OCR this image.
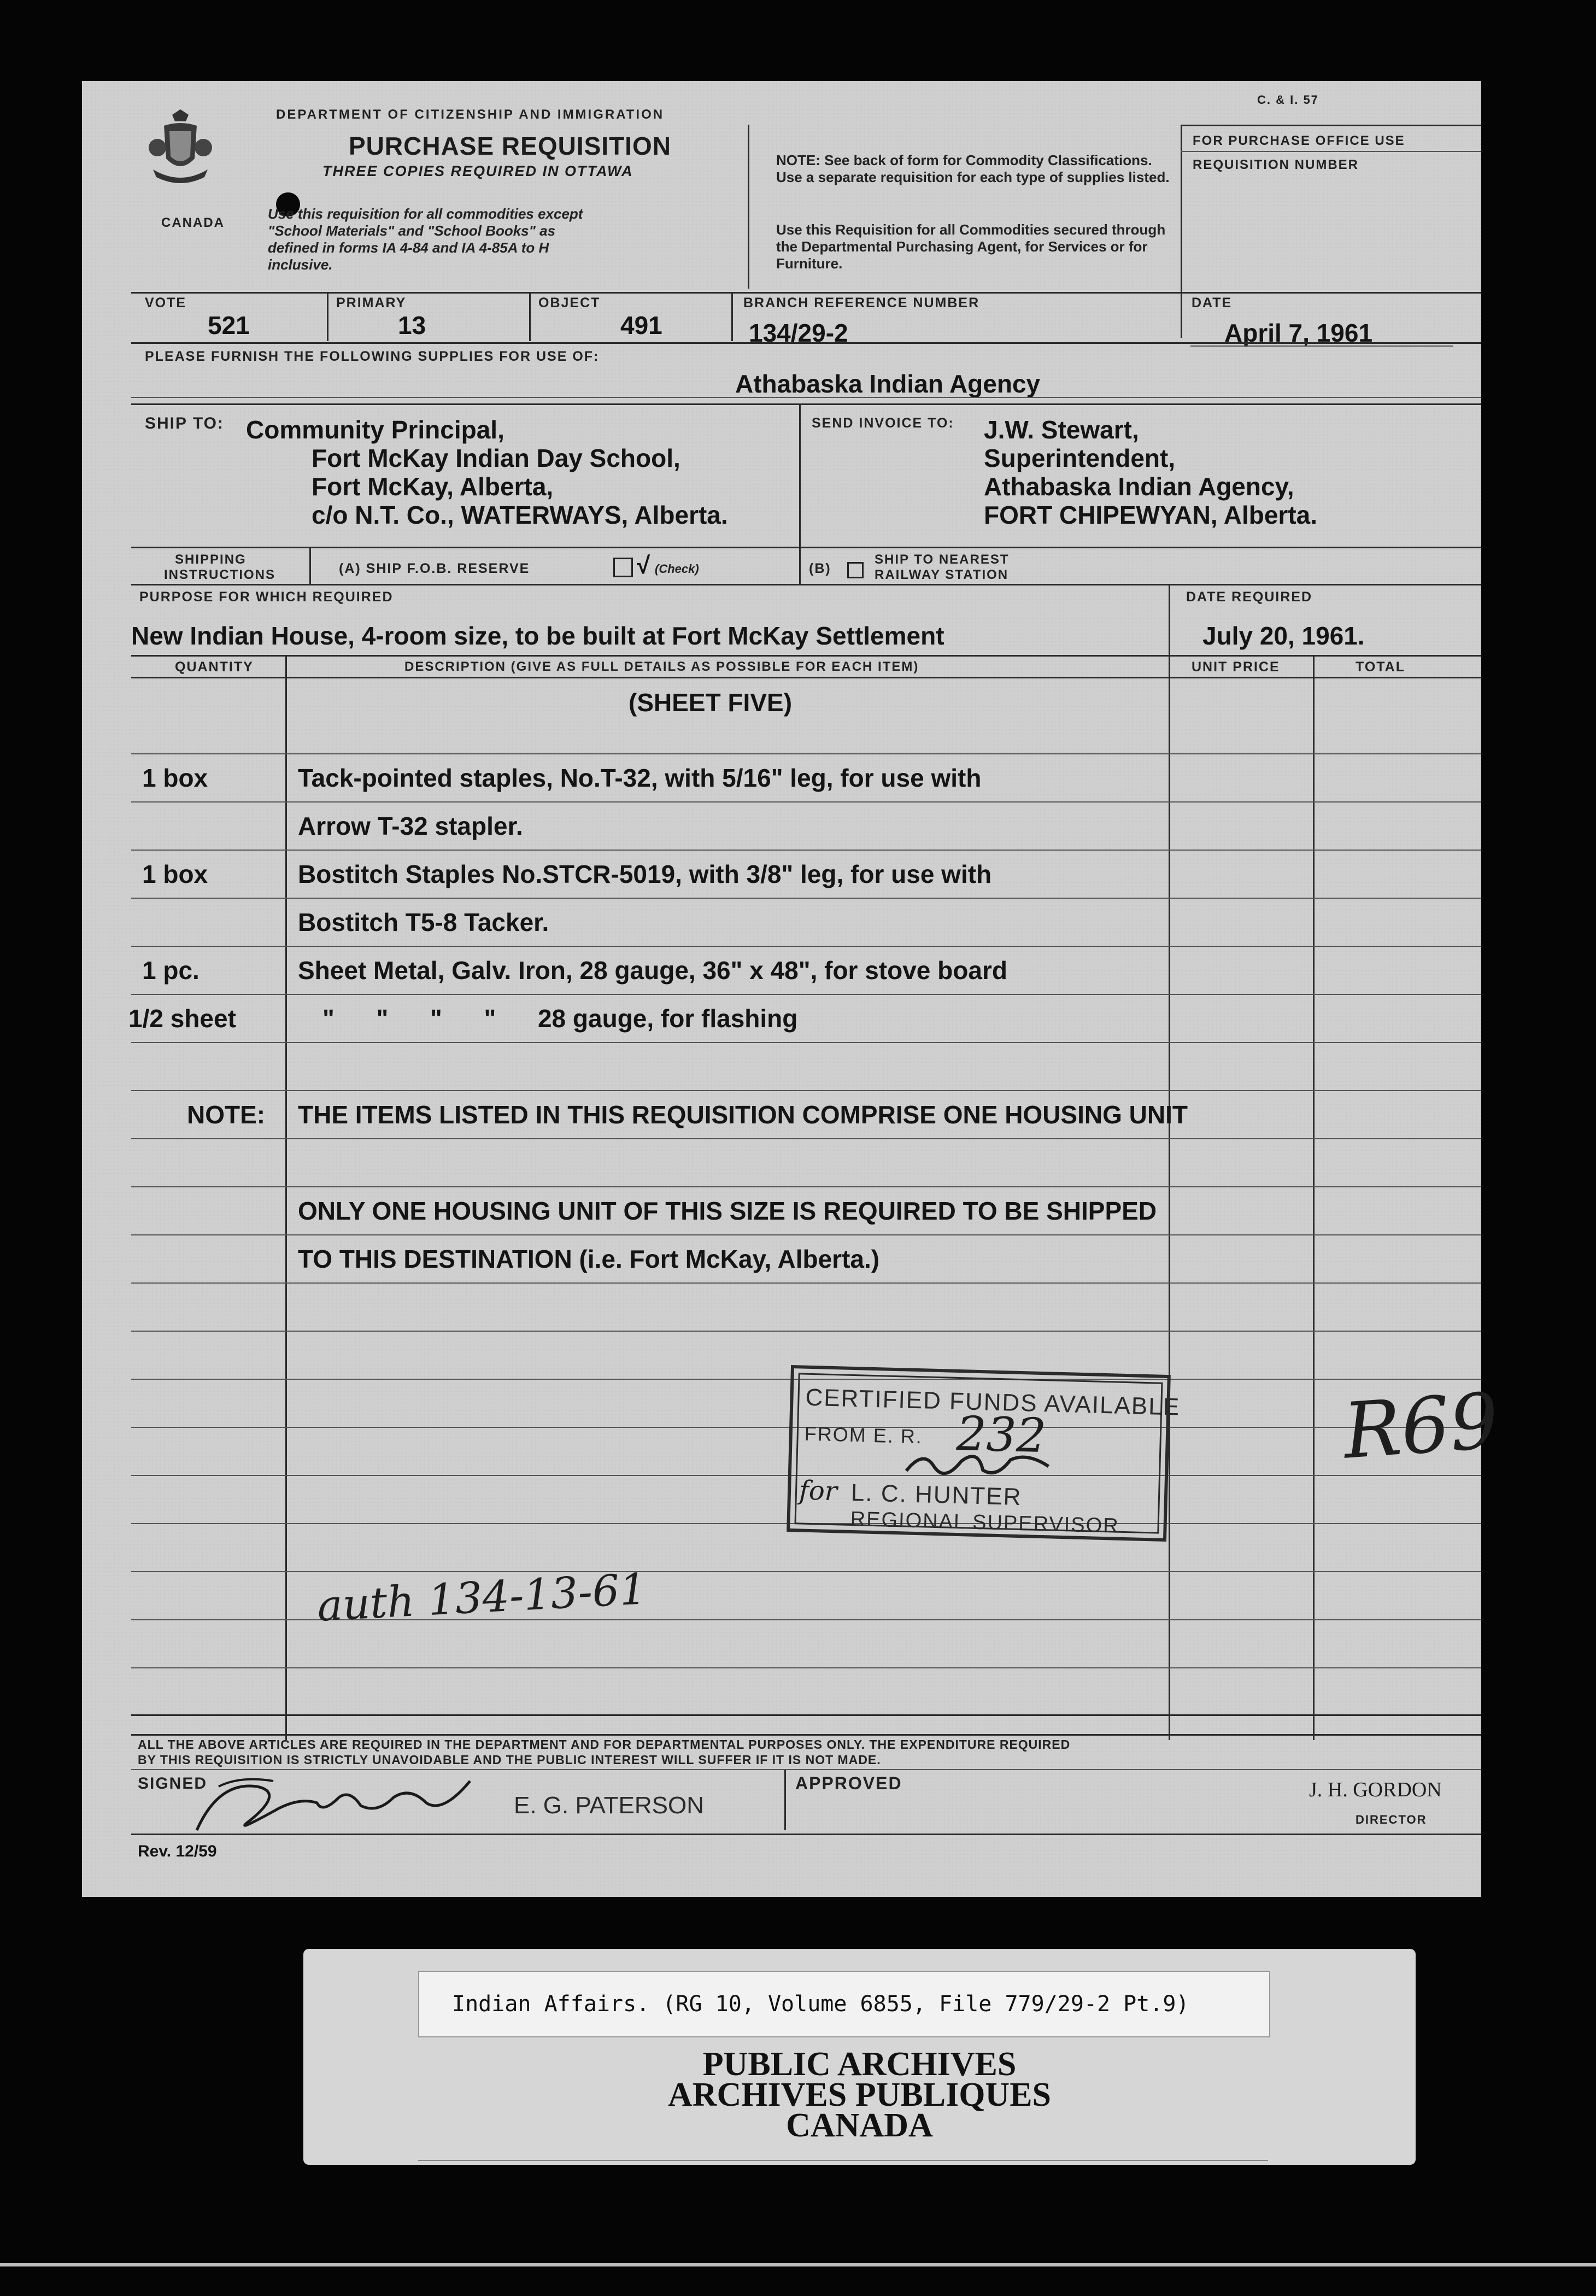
CANADA
DEPARTMENT OF CITIZENSHIP AND IMMIGRATION
PURCHASE REQUISITION
THREE COPIES REQUIRED IN OTTAWA
Use this requisition for all commodities except "School Materials" and "School Books" as defined in forms IA 4-84 and IA 4-85A to H inclusive.
NOTE: See back of form for Commodity Classifications. Use a separate requisition for each type of supplies listed.
Use this Requisition for all Commodities secured through the Departmental Purchasing Agent, for Services or for Furniture.
C. & I. 57
FOR PURCHASE OFFICE USE
REQUISITION NUMBER
VOTE
521
PRIMARY
13
OBJECT
491
BRANCH REFERENCE NUMBER
134/29-2
DATE
April 7, 1961
PLEASE FURNISH THE FOLLOWING SUPPLIES FOR USE OF:
Athabaska Indian Agency
SHIP TO: Community Principal,
Fort McKay Indian Day School,
Fort McKay, Alberta,
c/o N.T. Co., WATERWAYS, Alberta.
SEND INVOICE TO: J.W. Stewart,
Superintendent,
Athabaska Indian Agency,
FORT CHIPEWYAN, Alberta.
SHIPPING
INSTRUCTIONS	(A) SHIP F.O.B. RESERVE	√ (Check)	(B)
SHIP TO NEAREST
RAILWAY STATION
PURPOSE FOR WHICH REQUIRED
New Indian House, 4-room size, to be built at Fort McKay Settlement
DATE REQUIRED
July 20, 1961.
QUANTITY	DESCRIPTION (GIVE AS FULL DETAILS AS POSSIBLE FOR EACH ITEM)	UNIT PRICE	TOTAL
(SHEET FIVE)
1 box	Tack-pointed staples, No.T-32, with 5/16" leg, for use with
Arrow T-32 stapler.
1 box	Bostitch Staples No.STCR-5019, with 3/8" leg, for use with
Bostitch T5-8 Tacker.
1 pc.	Sheet Metal, Galv. Iron, 28 gauge, 36" x 48", for stove board
1/2 sheet	"      "      "      "      28 gauge, for flashing
NOTE: THE ITEMS LISTED IN THIS REQUISITION COMPRISE ONE HOUSING UNIT
ONLY ONE HOUSING UNIT OF THIS SIZE IS REQUIRED TO BE SHIPPED
TO THIS DESTINATION (i.e. Fort McKay, Alberta.)
CERTIFIED FUNDS AVAILABLE
FROM E. R. 232
for L. C. HUNTER
REGIONAL SUPERVISOR
R69
auth 134-13-61
ALL THE ABOVE ARTICLES ARE REQUIRED IN THE DEPARTMENT AND FOR DEPARTMENTAL PURPOSES ONLY. THE EXPENDITURE REQUIRED
BY THIS REQUISITION IS STRICTLY UNAVOIDABLE AND THE PUBLIC INTEREST WILL SUFFER IF IT IS NOT MADE.
SIGNED
E. G. PATERSON
APPROVED	J. H. GORDON
DIRECTOR
Rev. 12/59
Indian Affairs. (RG 10, Volume 6855, File 779/29-2 Pt.9)
PUBLIC ARCHIVES
ARCHIVES PUBLIQUES
CANADA
